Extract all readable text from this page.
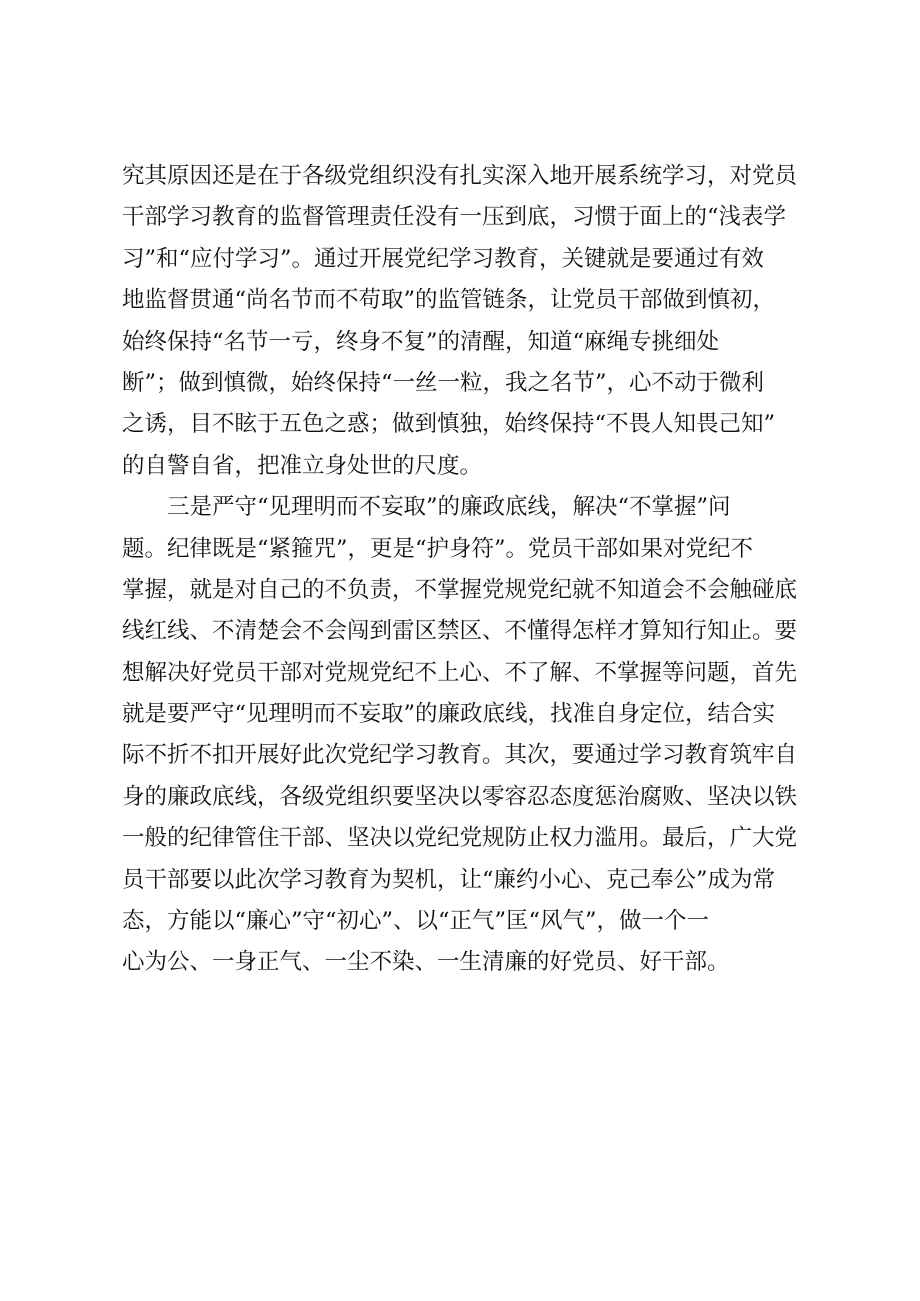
究其原因还是在于各级党组织没有扎实深入地开展系统学习，对党员
干部学习教育的监督管理责任没有一压到底，习惯于面上的“浅表学
习”和“应付学习”。通过开展党纪学习教育，关键就是要通过有效
地监督贯通“尚名节而不苟取”的监管链条，让党员干部做到慎初，
始终保持“名节一亏，终身不复”的清醒，知道“麻绳专挑细处
断”；做到慎微，始终保持“一丝一粒，我之名节”，心不动于微利
之诱，目不眩于五色之惑；做到慎独，始终保持“不畏人知畏己知”
的自警自省，把准立身处世的尺度。
三是严守“见理明而不妄取”的廉政底线，解决“不掌握”问
题。纪律既是“紧箍咒”，更是“护身符”。党员干部如果对党纪不
掌握，就是对自己的不负责，不掌握党规党纪就不知道会不会触碰底
线红线、不清楚会不会闯到雷区禁区、不懂得怎样才算知行知止。要
想解决好党员干部对党规党纪不上心、不了解、不掌握等问题，首先
就是要严守“见理明而不妄取”的廉政底线，找准自身定位，结合实
际不折不扣开展好此次党纪学习教育。其次，要通过学习教育筑牢自
身的廉政底线，各级党组织要坚决以零容忍态度惩治腐败、坚决以铁
一般的纪律管住干部、坚决以党纪党规防止权力滥用。最后，广大党
员干部要以此次学习教育为契机，让“廉约小心、克己奉公”成为常
态，方能以“廉心”守“初心”、以“正气”匡“风气”，做一个一
心为公、一身正气、一尘不染、一生清廉的好党员、好干部。
